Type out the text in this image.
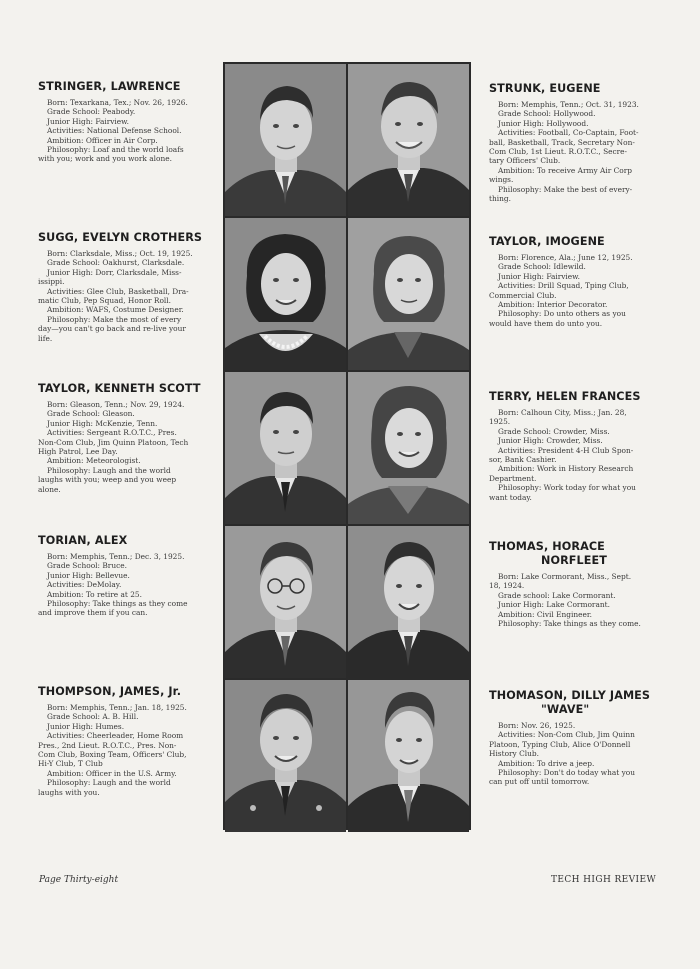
STRINGER, LAWRENCE

Born: Texarkana, Tex.; Nov. 26, 1926.

Grade School: Peabody.

Junior High: Fairview.

Activities: National Defense School.

Ambition: Officer in Air Corp.

Philosophy: Loaf and the world loafs

with you; work and you work alone.

SUGG, EVELYN CROTHERS

Born: Clarksdale, Miss.; Oct. 19, 1925.

Grade School: Oakhurst, Clarksdale.

Junior High: Dorr, Clarksdale, Miss-

issippi.

Activities: Glee Club, Basketball, Dra-

matic Club, Pep Squad, Honor Roll.

Ambition: WAFS, Costume Designer.

Philosophy: Make the most of every

day—you can't go back and re-live your

life.

TAYLOR, KENNETH SCOTT

Born: Gleason, Tenn.; Nov. 29, 1924.

Grade School: Gleason.

Junior High: McKenzie, Tenn.

Activities: Sergeant R.O.T.C., Pres.

Non-Com Club, Jim Quinn Platoon, Tech

High Patrol, Lee Day.

Ambition: Meteorologist.

Philosophy: Laugh and the world

laughs with you; weep and you weep

alone.

TORIAN, ALEX

Born: Memphis, Tenn.; Dec. 3, 1925.

Grade School: Bruce.

Junior High: Bellevue.

Activities: DeMolay.

Ambition: To retire at 25.

Philosophy: Take things as they come

and improve them if you can.

THOMPSON, JAMES, Jr.

Born: Memphis, Tenn.; Jan. 18, 1925.

Grade School: A. B. Hill.

Junior High: Humes.

Activities: Cheerleader, Home Room

Pres., 2nd Lieut. R.O.T.C., Pres. Non-

Com Club, Boxing Team, Officers' Club,

Hi-Y Club, T Club

Ambition: Officer in the U.S. Army.

Philosophy: Laugh and the world

laughs with you.

STRUNK, EUGENE

Born: Memphis, Tenn.; Oct. 31, 1923.

Grade School: Hollywood.

Junior High: Hollywood.

Activities: Football, Co-Captain, Foot-

ball, Basketball, Track, Secretary Non-

Com Club, 1st Lieut. R.O.T.C., Secre-

tary Officers' Club.

Ambition: To receive Army Air Corp

wings.

Philosophy: Make the best of every-

thing.

TAYLOR, IMOGENE

Born: Florence, Ala.; June 12, 1925.

Grade School: Idlewild.

Junior High: Fairview.

Activities: Drill Squad, Tping Club,

Commercial Club.

Ambition: Interior Decorator.

Philosophy: Do unto others as you

would have them do unto you.

TERRY, HELEN FRANCES

Born: Calhoun City, Miss.; Jan. 28,

1925.

Grade School: Crowder, Miss.

Junior High: Crowder, Miss.

Activities: President 4-H Club Spon-

sor, Bank Cashier.

Ambition: Work in History Research

Department.

Philosophy: Work today for what you

want today.

THOMAS, HORACE
NORFLEET

Born: Lake Cormorant, Miss., Sept.

18, 1924.

Grade school: Lake Cormorant.

Junior High: Lake Cormorant.

Ambition: Civil Engineer.

Philosophy: Take things as they come.

THOMASON, DILLY JAMES
"WAVE"

Born: Nov. 26, 1925.

Activities: Non-Com Club, Jim Quinn

Platoon, Typing Club, Alice O'Donnell

History Club.

Ambition: To drive a jeep.

Philosophy: Don't do today what you

can put off until tomorrow.

Page Thirty-eight	TECH HIGH REVIEW
